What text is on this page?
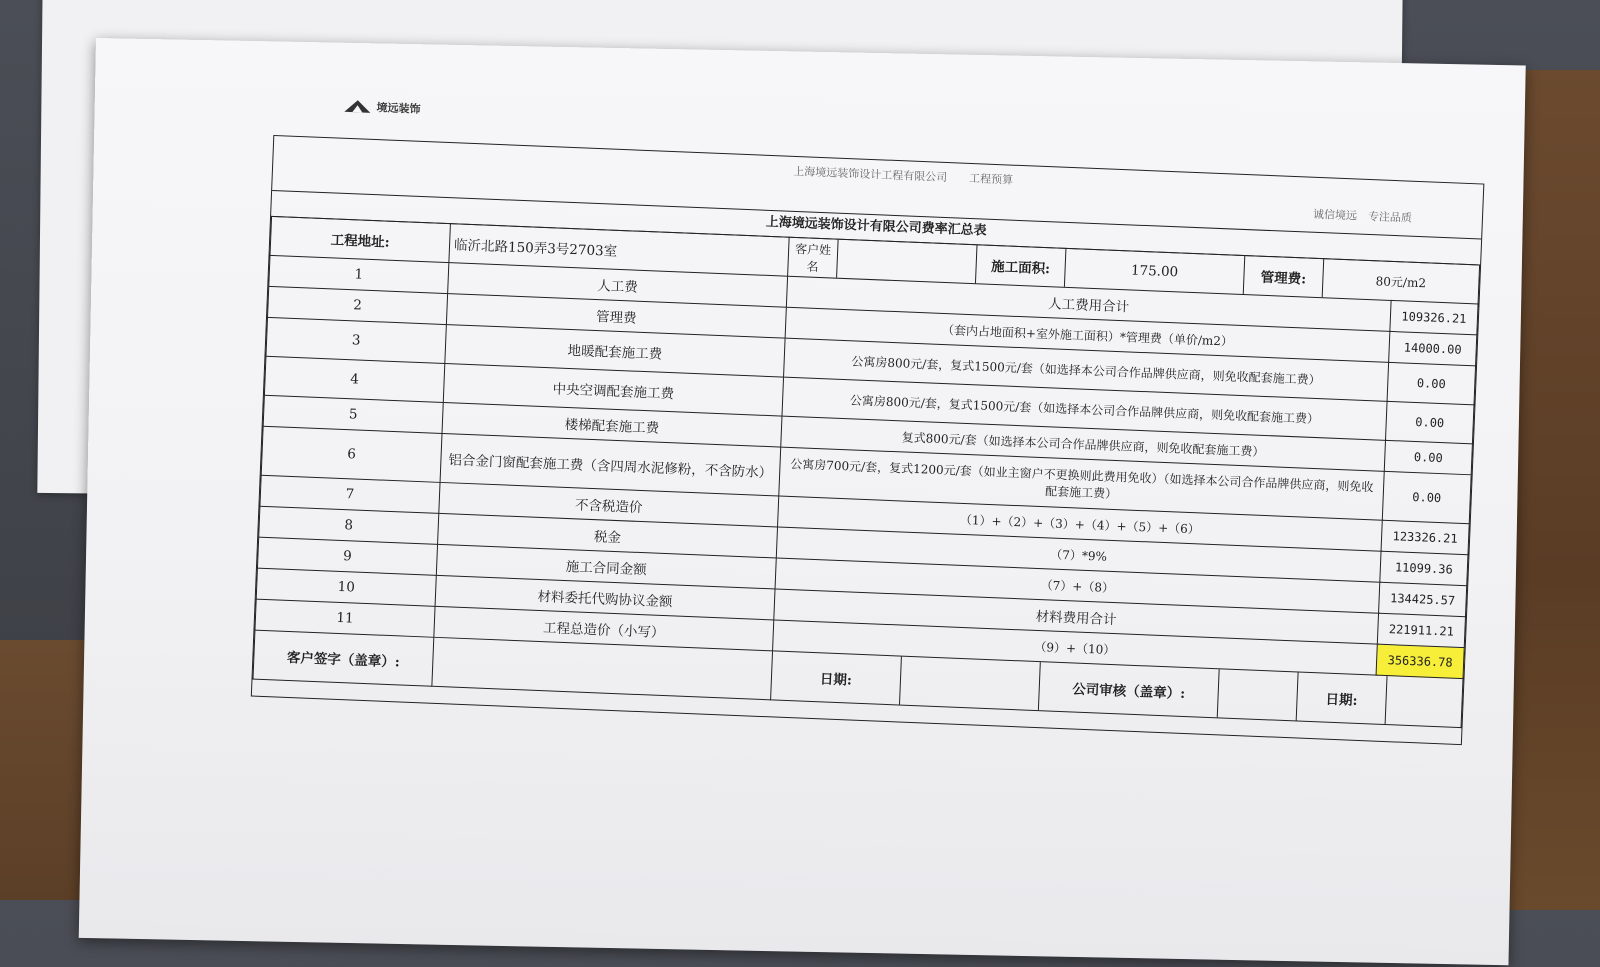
境远装饰
上海境远装饰设计工程有限公司　　工程预算
诚信境远　专注品质
上海境远装饰设计有限公司费率汇总表
工程地址:	临沂北路150弄3号2703室		客户姓名		施工面积:	175.00	管理费:	80元/m2

1	人工费	人工费用合计	109326.21
2	管理费	（套内占地面积+室外施工面积）*管理费（单价/m2）	14000.00
3	地暖配套施工费	公寓房800元/套，复式1500元/套（如选择本公司合作品牌供应商，则免收配套施工费）	0.00
4	中央空调配套施工费	公寓房800元/套，复式1500元/套（如选择本公司合作品牌供应商，则免收配套施工费）	0.00
5	楼梯配套施工费	复式800元/套（如选择本公司合作品牌供应商，则免收配套施工费）	0.00
6	铝合金门窗配套施工费（含四周水泥修粉，不含防水）	公寓房700元/套，复式1200元/套（如业主窗户不更换则此费用免收）（如选择本公司合作品牌供应商，则免收配套施工费）	0.00
7	不含税造价	（1）+（2）+（3）+（4）+（5）+（6）	123326.21
8	税金	（7）*9%	11099.36
9	施工合同金额	（7）+（8）	134425.57
10	材料委托代购协议金额	材料费用合计	221911.21
11	工程总造价（小写）	（9）+（10）	356336.78
客户签字（盖章）:		
日期:		公司审核（盖章）:		日期:	
